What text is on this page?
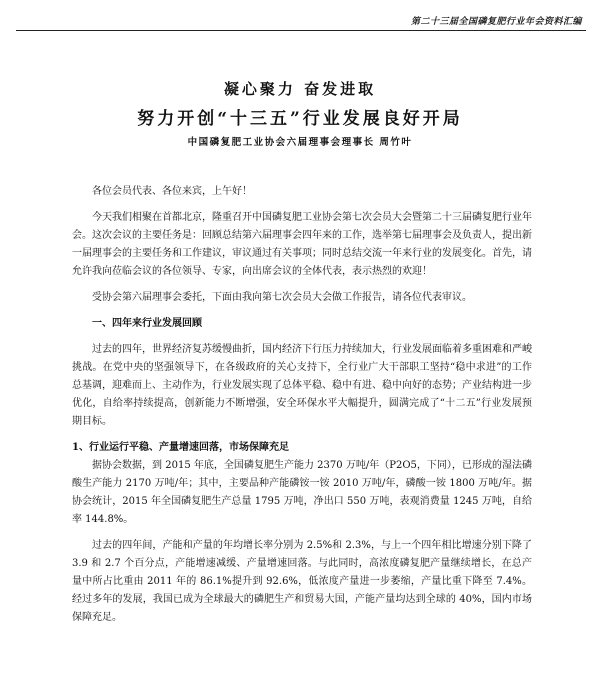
第二十三届全国磷复肥行业年会资料汇编
凝心聚力 奋发进取
努力开创“十三五”行业发展良好开局
中国磷复肥工业协会六届理事会理事长 周竹叶

各位会员代表、各位来宾，上午好！

今天我们相聚在首都北京，隆重召开中国磷复肥工业协会第七次会员大会暨第二十三届磷复肥行业年会。这次会议的主要任务是：回顾总结第六届理事会四年来的工作，选举第七届理事会及负责人，提出新一届理事会的主要任务和工作建议，审议通过有关事项；同时总结交流一年来行业的发展变化。首先，请允许我向莅临会议的各位领导、专家，向出席会议的全体代表，表示热烈的欢迎！

受协会第六届理事会委托，下面由我向第七次会员大会做工作报告，请各位代表审议。

一、四年来行业发展回顾

过去的四年，世界经济复苏缓慢曲折，国内经济下行压力持续加大，行业发展面临着多重困难和严峻挑战。在党中央的坚强领导下，在各级政府的关心支持下，全行业广大干部职工坚持“稳中求进”的工作总基调，迎难而上、主动作为，行业发展实现了总体平稳、稳中有进、稳中向好的态势；产业结构进一步优化，自给率持续提高，创新能力不断增强，安全环保水平大幅提升，圆满完成了“十二五”行业发展预期目标。

1、行业运行平稳、产量增速回落，市场保障充足

据协会数据，到 2015 年底，全国磷复肥生产能力 2370 万吨/年（P2O5，下同），已形成的湿法磷酸生产能力 2170 万吨/年；其中，主要品种产能磷铵一铵 2010 万吨/年，磷酸一铵 1800 万吨/年。据协会统计，2015 年全国磷复肥生产总量 1795 万吨，净出口 550 万吨，表观消费量 1245 万吨，自给率 144.8%。

过去的四年间，产能和产量的年均增长率分别为 2.5%和 2.3%，与上一个四年相比增速分别下降了 3.9 和 2.7 个百分点，产能增速减缓、产量增速回落。与此同时，高浓度磷复肥产量继续增长，在总产量中所占比重由 2011 年的 86.1%提升到 92.6%，低浓度产量进一步萎缩，产量比重下降至 7.4%。经过多年的发展，我国已成为全球最大的磷肥生产和贸易大国，产能产量均达到全球的 40%，国内市场保障充足。
